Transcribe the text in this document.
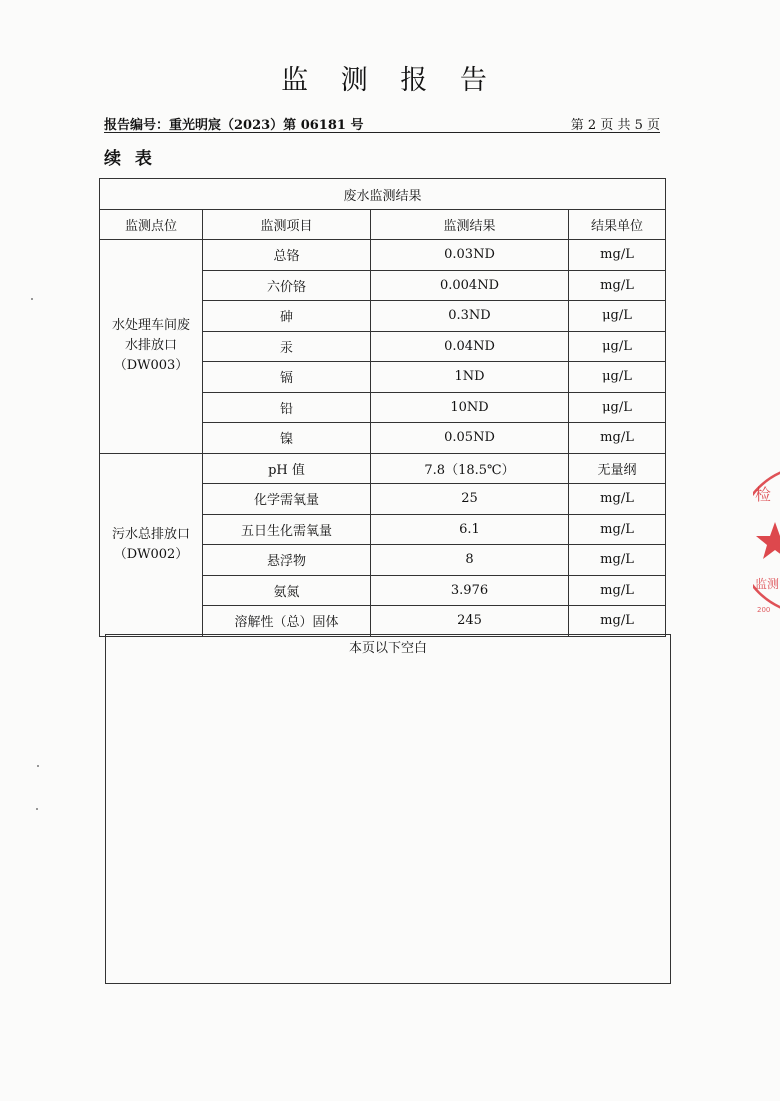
监 测 报 告
报告编号：重光明宸（2023）第 06181 号	第 2 页 共 5 页
续 表
废水监测结果			
监测点位	监测项目	监测结果	结果单位

水处理车间废
水排放口
（DW003）	总铬	0.03ND	mg/L
	六价铬	0.004ND	mg/L
	砷	0.3ND	μg/L
	汞	0.04ND	μg/L
	镉	1ND	μg/L
	铅	10ND	μg/L
	镍	0.05ND	mg/L

污水总排放口
（DW002）	pH 值	7.8（18.5℃）	无量纲
	化学需氧量	25	mg/L
	五日生化需氧量	6.1	mg/L
	悬浮物	8	mg/L
	氨氮	3.976	mg/L
	溶解性（总）固体	245	mg/L
本页以下空白
检
监测
200
